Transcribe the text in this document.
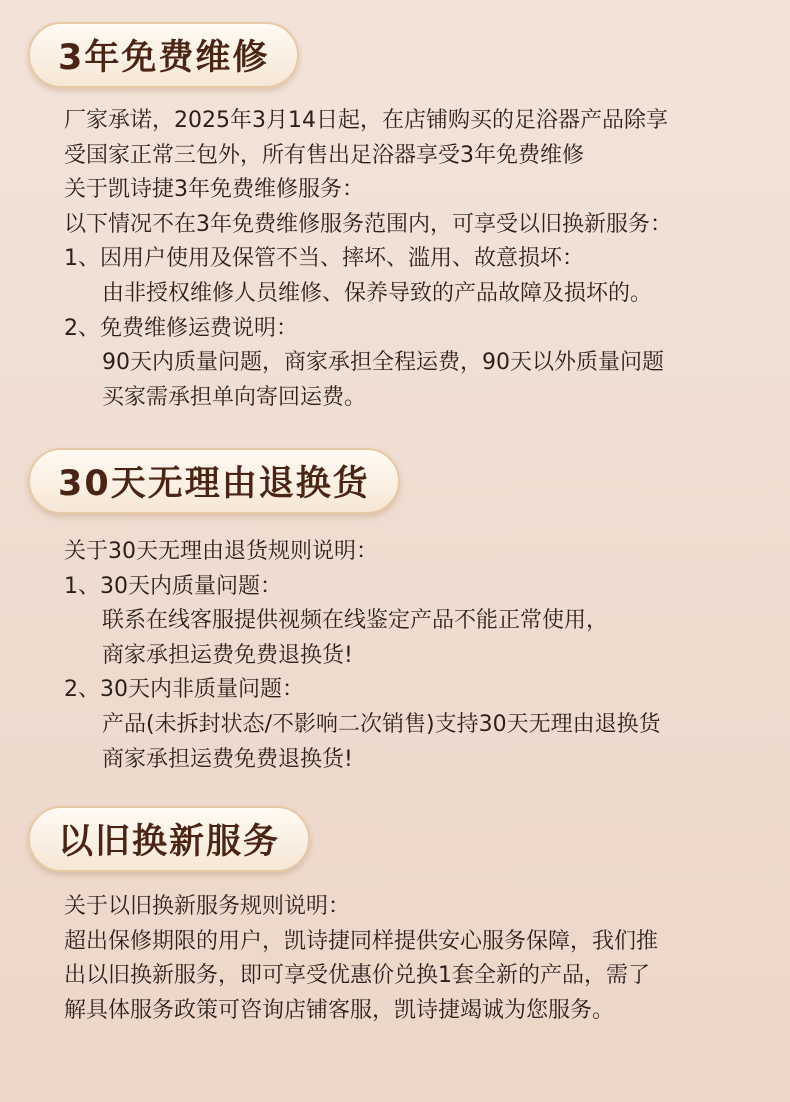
3年免费维修
厂家承诺，2025年3月14日起，在店铺购买的足浴器产品除享
受国家正常三包外，所有售出足浴器享受3年免费维修
关于凯诗捷3年免费维修服务：
以下情况不在3年免费维修服务范围内，可享受以旧换新服务：
1、因用户使用及保管不当、摔坏、滥用、故意损坏：
由非授权维修人员维修、保养导致的产品故障及损坏的。
2、免费维修运费说明：
90天内质量问题，商家承担全程运费，90天以外质量问题
买家需承担单向寄回运费。
30天无理由退换货
关于30天无理由退货规则说明：
1、30天内质量问题：
联系在线客服提供视频在线鉴定产品不能正常使用，
商家承担运费免费退换货!
2、30天内非质量问题：
产品(未拆封状态/不影响二次销售)支持30天无理由退换货
商家承担运费免费退换货!
以旧换新服务
关于以旧换新服务规则说明：
超出保修期限的用户，凯诗捷同样提供安心服务保障，我们推
出以旧换新服务，即可享受优惠价兑换1套全新的产品，需了
解具体服务政策可咨询店铺客服，凯诗捷竭诚为您服务。
